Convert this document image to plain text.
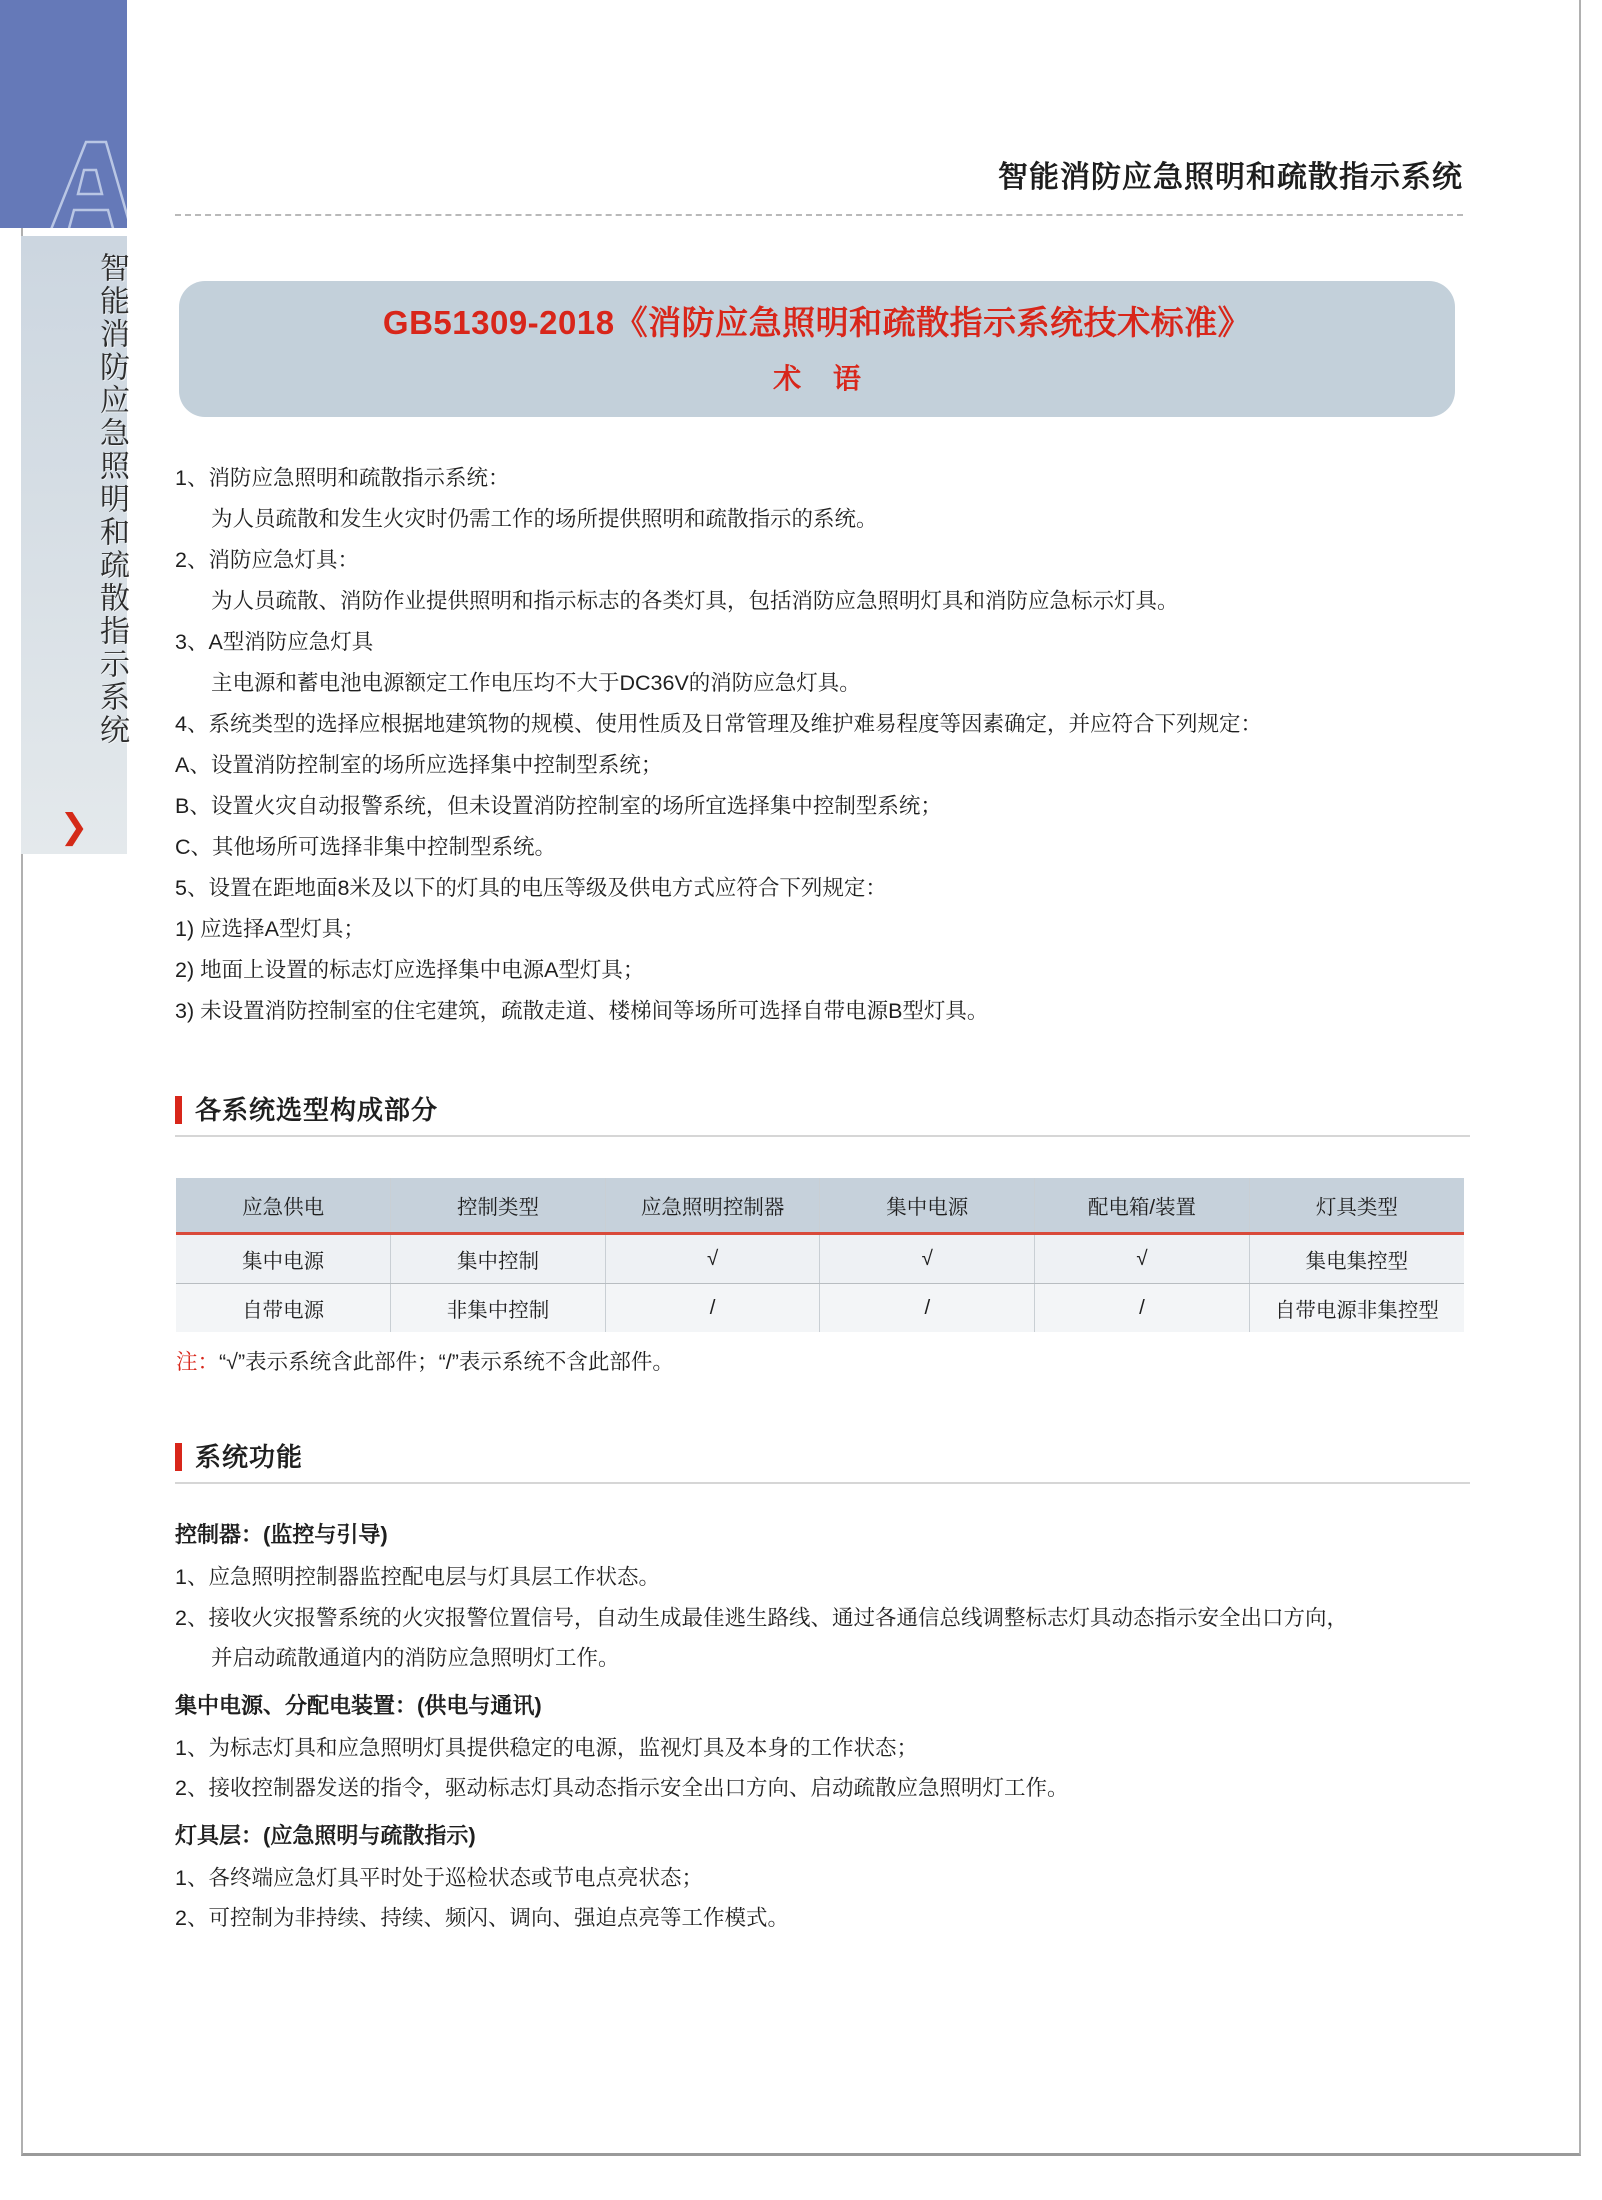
智能消防应急照明和疏散指示系统
❯
智能消防应急照明和疏散指示系统
GB51309-2018《消防应急照明和疏散指示系统技术标准》
术 语
1、消防应急照明和疏散指示系统：
为人员疏散和发生火灾时仍需工作的场所提供照明和疏散指示的系统。
2、消防应急灯具：
为人员疏散、消防作业提供照明和指示标志的各类灯具，包括消防应急照明灯具和消防应急标示灯具。
3、A型消防应急灯具
主电源和蓄电池电源额定工作电压均不大于DC36V的消防应急灯具。
4、系统类型的选择应根据地建筑物的规模、使用性质及日常管理及维护难易程度等因素确定，并应符合下列规定：
A、设置消防控制室的场所应选择集中控制型系统；
B、设置火灾自动报警系统，但未设置消防控制室的场所宜选择集中控制型系统；
C、其他场所可选择非集中控制型系统。
5、设置在距地面8米及以下的灯具的电压等级及供电方式应符合下列规定：
1) 应选择A型灯具；
2) 地面上设置的标志灯应选择集中电源A型灯具；
3) 未设置消防控制室的住宅建筑，疏散走道、楼梯间等场所可选择自带电源B型灯具。
各系统选型构成部分
应急供电	控制类型	应急照明控制器	集中电源	配电箱/装置	灯具类型
集中电源	集中控制	√	√	√	集电集控型
自带电源	非集中控制	/	/	/	自带电源非集控型
注：“√”表示系统含此部件；“/”表示系统不含此部件。
系统功能
控制器：(监控与引导)
1、应急照明控制器监控配电层与灯具层工作状态。
2、接收火灾报警系统的火灾报警位置信号，自动生成最佳逃生路线、通过各通信总线调整标志灯具动态指示安全出口方向，
并启动疏散通道内的消防应急照明灯工作。
集中电源、分配电装置：(供电与通讯)
1、为标志灯具和应急照明灯具提供稳定的电源，监视灯具及本身的工作状态；
2、接收控制器发送的指令，驱动标志灯具动态指示安全出口方向、启动疏散应急照明灯工作。
灯具层：(应急照明与疏散指示)
1、各终端应急灯具平时处于巡检状态或节电点亮状态；
2、可控制为非持续、持续、频闪、调向、强迫点亮等工作模式。
